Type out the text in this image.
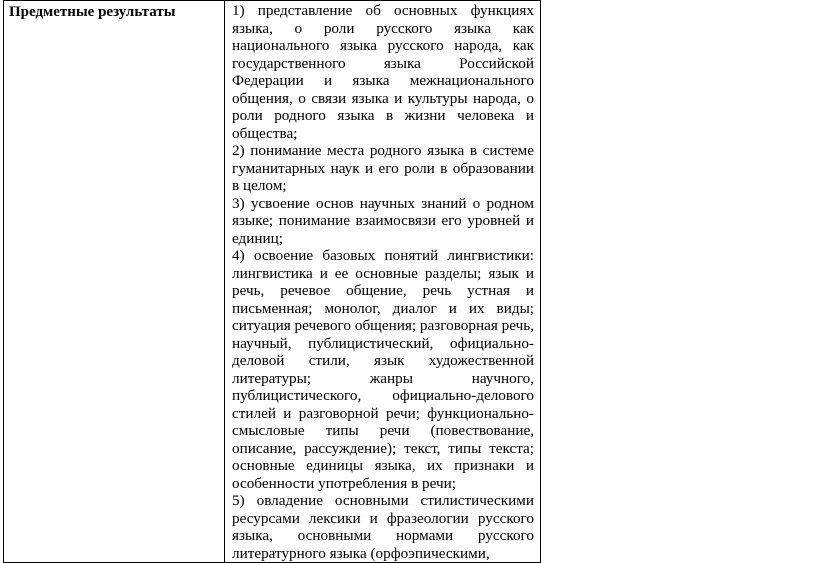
Предметные результаты	1) представление об основных функциях языка, о роли русского языка как национального языка русского народа, как государственного языка Российской Федерации и языка межнационального общения, о связи языка и культуры народа, о роли родного языка в жизни человека и общества;

2) понимание места родного языка в системе гуманитарных наук и его роли в образовании в целом;

3) усвоение основ научных знаний о родном языке; понимание взаимосвязи его уровней и единиц;

4) освоение базовых понятий лингвистики: лингвистика и ее основные разделы; язык и речь, речевое общение, речь устная и письменная; монолог, диалог и их виды; ситуация речевого общения; разговорная речь, научный, публицистический, официально-деловой стили, язык художественной литературы; жанры научного, публицистического, официально-делового стилей и разговорной речи; функционально-смысловые типы речи (повествование, описание, рассуждение); текст, типы текста; основные единицы языка, их признаки и особенности употребления в речи;

5) овладение основными стилистическими ресурсами лексики и фразеологии русского языка, основными нормами русского литературного языка (орфоэпическими,
